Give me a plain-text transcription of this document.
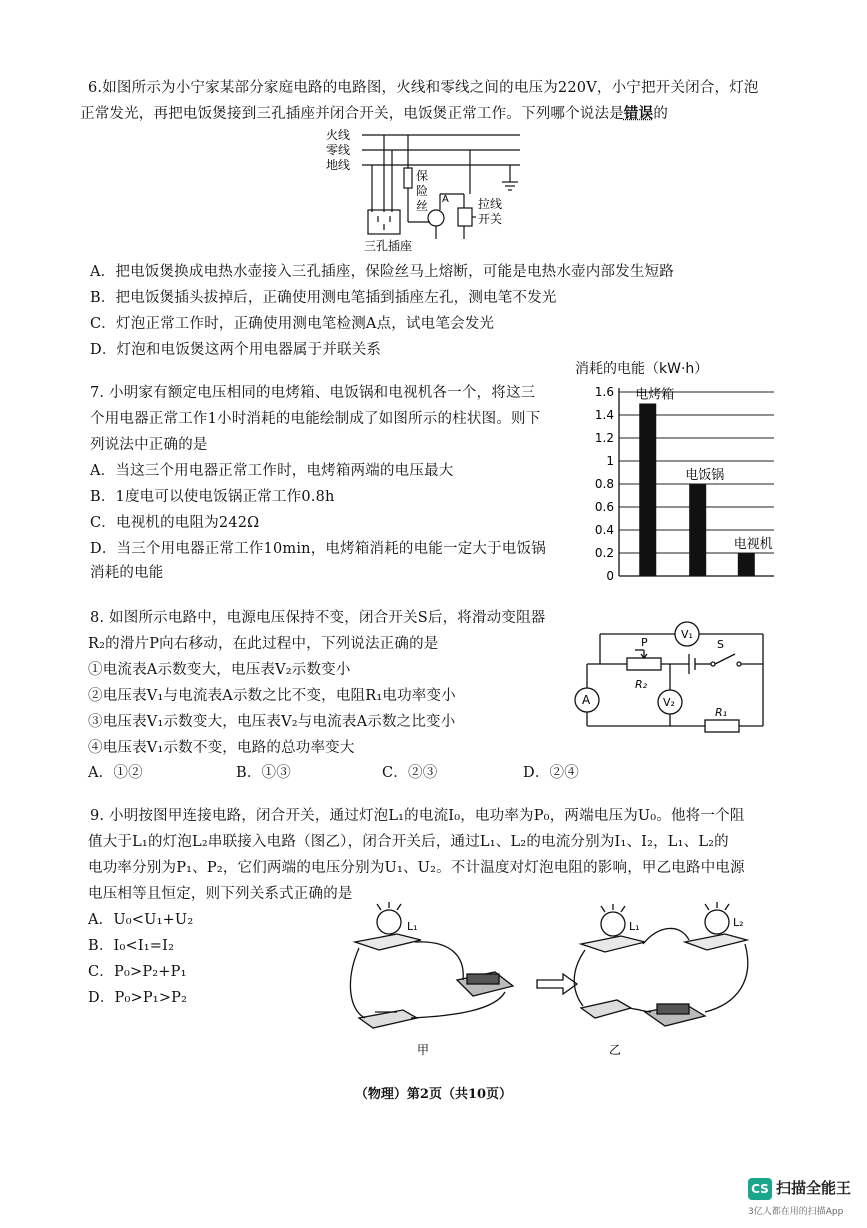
6.如图所示为小宁家某部分家庭电路的电路图，火线和零线之间的电压为220V，小宁把开关闭合，灯泡
正常发光，再把电饭煲接到三孔插座并闭合开关，电饭煲正常工作。下列哪个说法是错误的
火线
零线
地线
保
险
丝 A 拉线
开关
三孔插座
A．把电饭煲换成电热水壶接入三孔插座，保险丝马上熔断，可能是电热水壶内部发生短路
B．把电饭煲插头拔掉后，正确使用测电笔插到插座左孔，测电笔不发光
C．灯泡正常工作时，正确使用测电笔检测A点，试电笔会发光
D．灯泡和电饭煲这两个用电器属于并联关系
7. 小明家有额定电压相同的电烤箱、电饭锅和电视机各一个，将这三
个用电器正常工作1小时消耗的电能绘制成了如图所示的柱状图。则下
列说法中正确的是
A．当这三个用电器正常工作时，电烤箱两端的电压最大
B．1度电可以使电饭锅正常工作0.8h
C．电视机的电阻为242Ω
D．当三个用电器正常工作10min，电烤箱消耗的电能一定大于电饭锅
消耗的电能
消耗的电能（kW·h）
0
0.2
0.4
0.6
0.8
1
1.2
1.4
1.6 电烤箱
电饭锅
电视机
8. 如图所示电路中，电源电压保持不变，闭合开关S后，将滑动变阻器
R₂的滑片P向右移动，在此过程中，下列说法正确的是
①电流表A示数变大，电压表V₂示数变小
②电压表V₁与电流表A示数之比不变，电阻R₁电功率变小
③电压表V₁示数变大，电压表V₂与电流表A示数之比变小
④电压表V₁示数不变，电路的总功率变大
A．①②	B．①③	C．②③	D．②④
V₁
V₂
A
P	S
R₂
R₁
9. 小明按图甲连接电路，闭合开关，通过灯泡L₁的电流I₀，电功率为P₀，两端电压为U₀。他将一个阻
值大于L₁的灯泡L₂串联接入电路（图乙），闭合开关后，通过L₁、L₂的电流分别为I₁、I₂，L₁、L₂的
电功率分别为P₁、P₂，它们两端的电压分别为U₁、U₂。不计温度对灯泡电阻的影响，甲乙电路中电源
电压相等且恒定，则下列关系式正确的是
A．U₀<U₁+U₂
B．I₀<I₁=I₂
C．P₀>P₂+P₁
D．P₀>P₁>P₂
L₁	L₁	L₂
甲	乙
（物理）第2页（共10页）
CS 扫描全能王
3亿人都在用的扫描App
